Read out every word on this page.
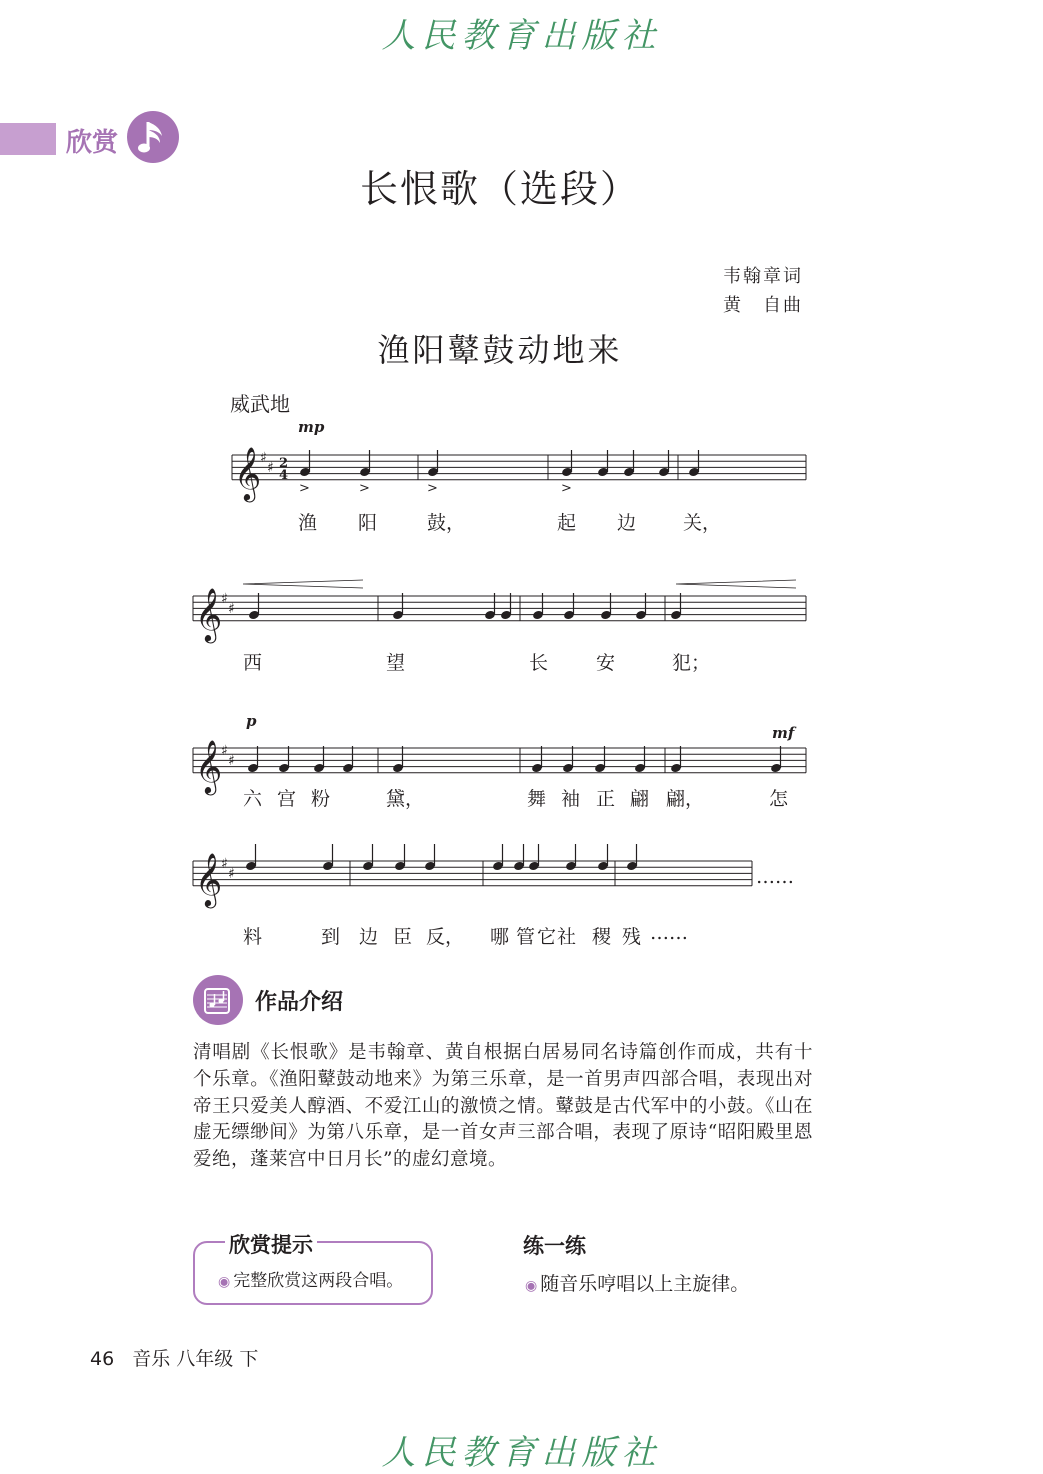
人民教育出版社
人民教育出版社
欣赏
长恨歌（选段）
韦翰章词
黄　自曲
渔阳鼙鼓动地来
威武地
𝄞
♯
♯ 2
4
𝄞
♯
♯
𝄞
♯
♯
𝄞
♯
♯
>	>	>	>
mp
p
mf
渔 阳	鼓，	起 边 关，
西	望	长	安	犯；
六 宫 粉	黛，	舞 袖 正 翩 翩，	怎
料	到 边 臣 反， 哪 管 它 社 稷 残 ……
……
作品介绍
清唱剧《长恨歌》是韦翰章、黄自根据白居易同名诗篇创作而成，共有十个乐章。《渔阳鼙鼓动地来》为第三乐章，是一首男声四部合唱，表现出对帝王只爱美人醇酒、不爱江山的激愤之情。鼙鼓是古代军中的小鼓。《山在虚无缥缈间》为第八乐章，是一首女声三部合唱，表现了原诗“昭阳殿里恩爱绝，蓬莱宫中日月长”的虚幻意境。
欣赏提示
◉ 完整欣赏这两段合唱。
练一练
◉ 随音乐哼唱以上主旋律。
46 音乐 八年级 下
